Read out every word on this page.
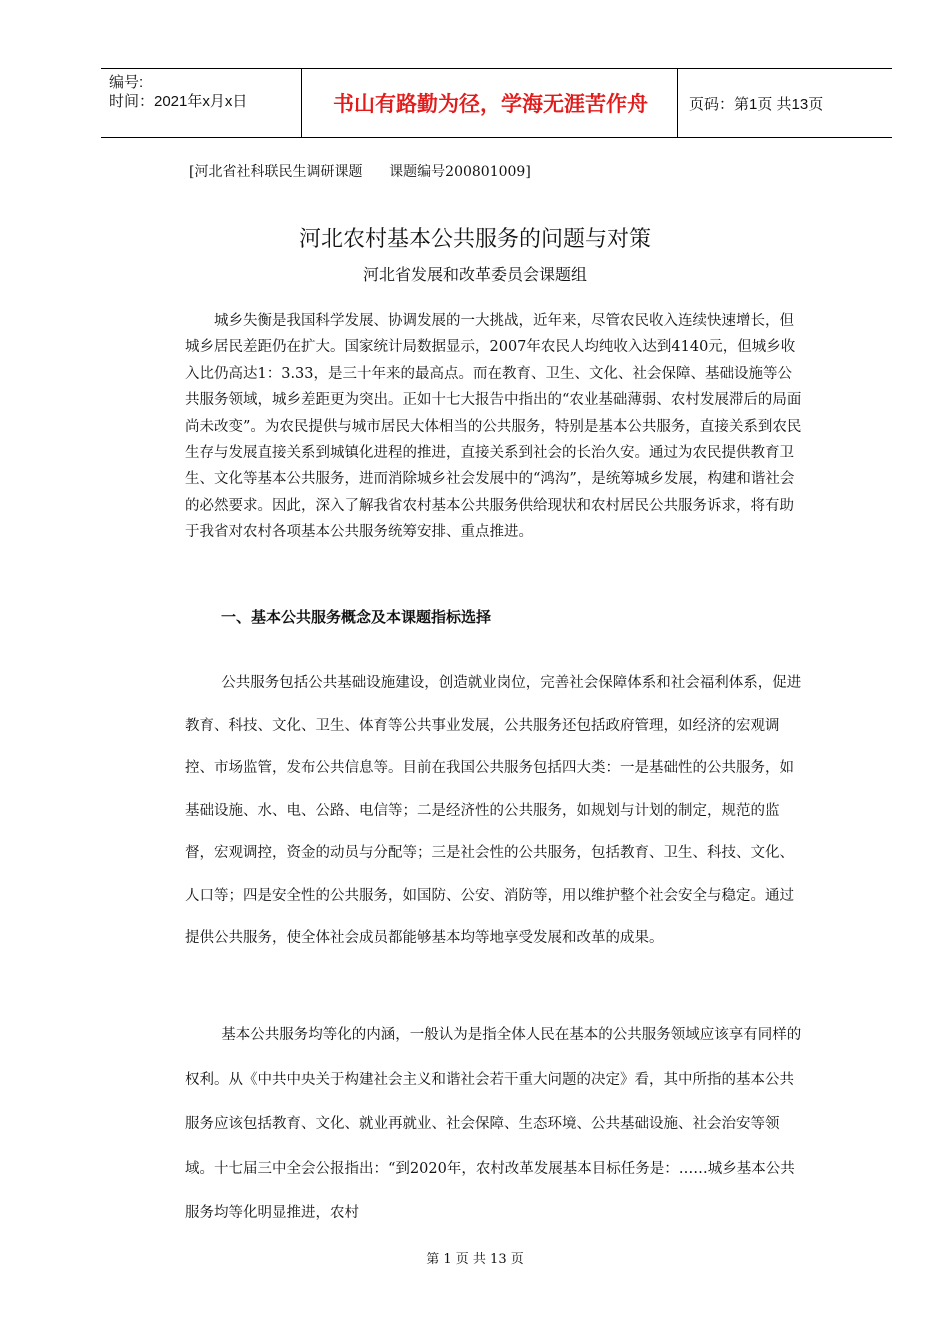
编号:
时间：2021年x月x日	书山有路勤为径，学海无涯苦作舟	页码：第1页 共13页
[河北省社科联民生调研课题 课题编号200801009]
河北农村基本公共服务的问题与对策
河北省发展和改革委员会课题组

城乡失衡是我国科学发展、协调发展的一大挑战，近年来，尽管农民收入连续快速增长，但城乡居民差距仍在扩大。国家统计局数据显示，2007年农民人均纯收入达到4140元，但城乡收入比仍高达1：3.33，是三十年来的最高点。而在教育、卫生、文化、社会保障、基础设施等公共服务领域，城乡差距更为突出。正如十七大报告中指出的“农业基础薄弱、农村发展滞后的局面尚未改变”。为农民提供与城市居民大体相当的公共服务，特别是基本公共服务，直接关系到农民生存与发展直接关系到城镇化进程的推进，直接关系到社会的长治久安。通过为农民提供教育卫生、文化等基本公共服务，进而消除城乡社会发展中的“鸿沟”，是统筹城乡发展，构建和谐社会的必然要求。因此，深入了解我省农村基本公共服务供给现状和农村居民公共服务诉求，将有助于我省对农村各项基本公共服务统筹安排、重点推进。

一、基本公共服务概念及本课题指标选择

公共服务包括公共基础设施建设，创造就业岗位，完善社会保障体系和社会福利体系，促进教育、科技、文化、卫生、体育等公共事业发展，公共服务还包括政府管理，如经济的宏观调控、市场监管，发布公共信息等。目前在我国公共服务包括四大类：一是基础性的公共服务，如基础设施、水、电、公路、电信等；二是经济性的公共服务，如规划与计划的制定，规范的监督，宏观调控，资金的动员与分配等；三是社会性的公共服务，包括教育、卫生、科技、文化、人口等；四是安全性的公共服务，如国防、公安、消防等，用以维护整个社会安全与稳定。通过提供公共服务，使全体社会成员都能够基本均等地享受发展和改革的成果。

基本公共服务均等化的内涵，一般认为是指全体人民在基本的公共服务领域应该享有同样的权利。从《中共中央关于构建社会主义和谐社会若干重大问题的决定》看，其中所指的基本公共服务应该包括教育、文化、就业再就业、社会保障、生态环境、公共基础设施、社会治安等领域。十七届三中全会公报指出：“到2020年，农村改革发展基本目标任务是：……城乡基本公共服务均等化明显推进，农村

第 1 页 共 13 页
